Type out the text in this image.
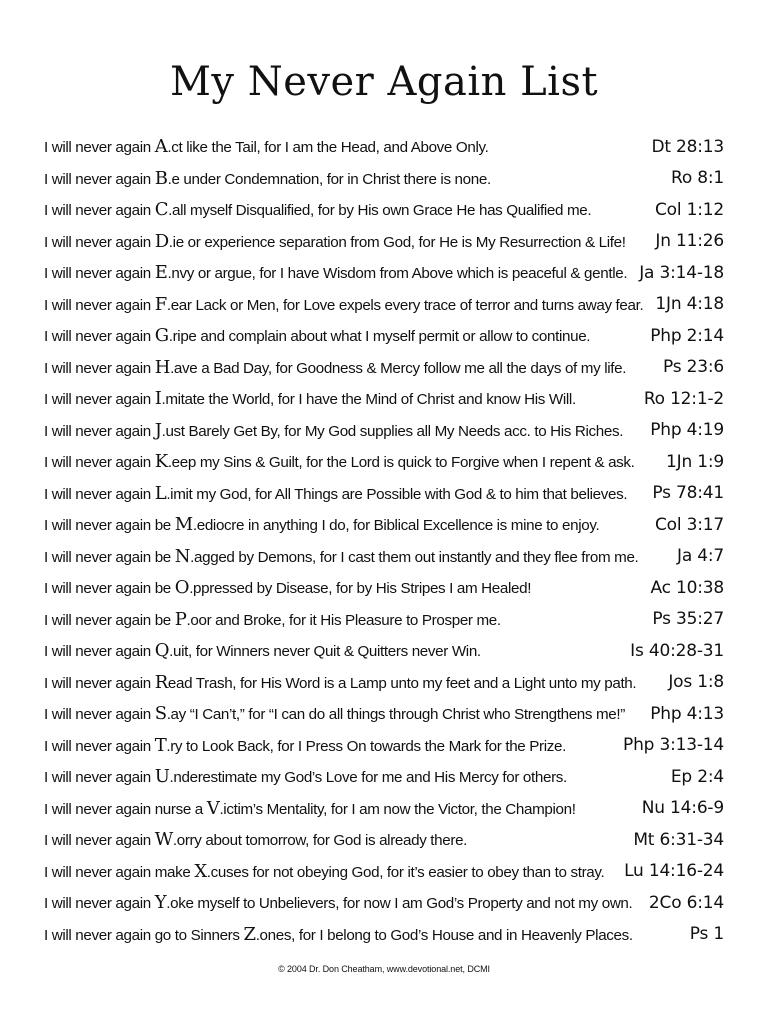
My Never Again List
I will never again A.ct like the Tail, for I am the Head, and Above Only.	Dt 28:13
I will never again B.e under Condemnation, for in Christ there is none.	Ro 8:1
I will never again C.all myself Disqualified, for by His own Grace He has Qualified me.	Col 1:12
I will never again D.ie or experience separation from God, for He is My Resurrection & Life!	Jn 11:26
I will never again E.nvy or argue, for I have Wisdom from Above which is peaceful & gentle. Ja 3:14-18
I will never again F.ear Lack or Men, for Love expels every trace of terror and turns away fear. 1Jn 4:18
I will never again G.ripe and complain about what I myself permit or allow to continue.	Php 2:14
I will never again H.ave a Bad Day, for Goodness & Mercy follow me all the days of my life.	Ps 23:6
I will never again I.mitate the World, for I have the Mind of Christ and know His Will.	Ro 12:1-2
I will never again J.ust Barely Get By, for My God supplies all My Needs acc. to His Riches.	Php 4:19
I will never again K.eep my Sins & Guilt, for the Lord is quick to Forgive when I repent & ask.	1Jn 1:9
I will never again L.imit my God, for All Things are Possible with God & to him that believes.	Ps 78:41
I will never again be M.ediocre in anything I do, for Biblical Excellence is mine to enjoy.	Col 3:17
I will never again be N.agged by Demons, for I cast them out instantly and they flee from me.	Ja 4:7
I will never again be O.ppressed by Disease, for by His Stripes I am Healed!	Ac 10:38
I will never again be P.oor and Broke, for it His Pleasure to Prosper me.	Ps 35:27
I will never again Q.uit, for Winners never Quit & Quitters never Win.	Is 40:28-31
I will never again Read Trash, for His Word is a Lamp unto my feet and a Light unto my path.	Jos 1:8
I will never again S.ay “I Can’t,” for “I can do all things through Christ who Strengthens me!”	Php 4:13
I will never again T.ry to Look Back, for I Press On towards the Mark for the Prize.	Php 3:13-14
I will never again U.nderestimate my God’s Love for me and His Mercy for others.	Ep 2:4
I will never again nurse a V.ictim’s Mentality, for I am now the Victor, the Champion!	Nu 14:6-9
I will never again W.orry about tomorrow, for God is already there.	Mt 6:31-34
I will never again make X.cuses for not obeying God, for it’s easier to obey than to stray.	Lu 14:16-24
I will never again Y.oke myself to Unbelievers, for now I am God’s Property and not my own. 2Co 6:14
I will never again go to Sinners Z.ones, for I belong to God’s House and in Heavenly Places.	Ps 1
© 2004 Dr. Don Cheatham, www.devotional.net, DCMI
